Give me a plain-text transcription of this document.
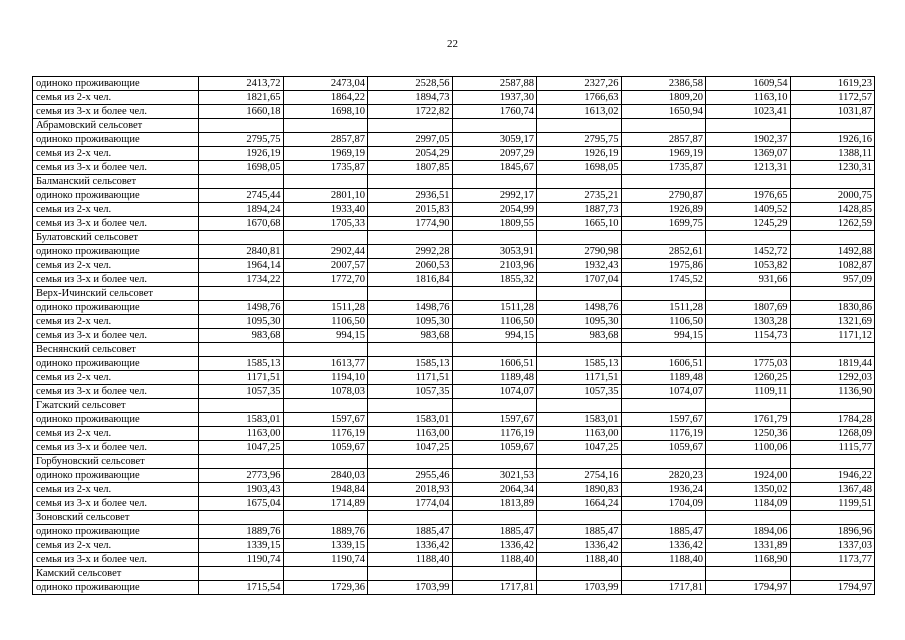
22
одиноко проживающие	2413,72	2473,04	2528,56	2587,88	2327,26	2386,58	1609,54	1619,23
семья из 2-х чел.	1821,65	1864,22	1894,73	1937,30	1766,63	1809,20	1163,10	1172,57
семья из 3-х и более чел.	1660,18	1698,10	1722,82	1760,74	1613,02	1650,94	1023,41	1031,87
Абрамовский сельсовет								
одиноко проживающие	2795,75	2857,87	2997,05	3059,17	2795,75	2857,87	1902,37	1926,16
семья из 2-х чел.	1926,19	1969,19	2054,29	2097,29	1926,19	1969,19	1369,07	1388,11
семья из 3-х и более чел.	1698,05	1735,87	1807,85	1845,67	1698,05	1735,87	1213,31	1230,31
Балманский сельсовет								
одиноко проживающие	2745,44	2801,10	2936,51	2992,17	2735,21	2790,87	1976,65	2000,75
семья из 2-х чел.	1894,24	1933,40	2015,83	2054,99	1887,73	1926,89	1409,52	1428,85
семья из 3-х и более чел.	1670,68	1705,33	1774,90	1809,55	1665,10	1699,75	1245,29	1262,59
Булатовский сельсовет								
одиноко проживающие	2840,81	2902,44	2992,28	3053,91	2790,98	2852,61	1452,72	1492,88
семья из 2-х чел.	1964,14	2007,57	2060,53	2103,96	1932,43	1975,86	1053,82	1082,87
семья из 3-х и более чел.	1734,22	1772,70	1816,84	1855,32	1707,04	1745,52	931,66	957,09
Верх-Ичинский сельсовет								
одиноко проживающие	1498,76	1511,28	1498,76	1511,28	1498,76	1511,28	1807,69	1830,86
семья из 2-х чел.	1095,30	1106,50	1095,30	1106,50	1095,30	1106,50	1303,28	1321,69
семья из 3-х и более чел.	983,68	994,15	983,68	994,15	983,68	994,15	1154,73	1171,12
Веснянский сельсовет								
одиноко проживающие	1585,13	1613,77	1585,13	1606,51	1585,13	1606,51	1775,03	1819,44
семья из 2-х чел.	1171,51	1194,10	1171,51	1189,48	1171,51	1189,48	1260,25	1292,03
семья из 3-х и более чел.	1057,35	1078,03	1057,35	1074,07	1057,35	1074,07	1109,11	1136,90
Гжатский сельсовет								
одиноко проживающие	1583,01	1597,67	1583,01	1597,67	1583,01	1597,67	1761,79	1784,28
семья из 2-х чел.	1163,00	1176,19	1163,00	1176,19	1163,00	1176,19	1250,36	1268,09
семья из 3-х и более чел.	1047,25	1059,67	1047,25	1059,67	1047,25	1059,67	1100,06	1115,77
Горбуновский сельсовет								
одиноко проживающие	2773,96	2840,03	2955,46	3021,53	2754,16	2820,23	1924,00	1946,22
семья из 2-х чел.	1903,43	1948,84	2018,93	2064,34	1890,83	1936,24	1350,02	1367,48
семья из 3-х и более чел.	1675,04	1714,89	1774,04	1813,89	1664,24	1704,09	1184,09	1199,51
Зоновский сельсовет								
одиноко проживающие	1889,76	1889,76	1885,47	1885,47	1885,47	1885,47	1894,06	1896,96
семья из 2-х чел.	1339,15	1339,15	1336,42	1336,42	1336,42	1336,42	1331,89	1337,03
семья из 3-х и более чел.	1190,74	1190,74	1188,40	1188,40	1188,40	1188,40	1168,90	1173,77
Камский сельсовет								
одиноко проживающие	1715,54	1729,36	1703,99	1717,81	1703,99	1717,81	1794,97	1794,97
